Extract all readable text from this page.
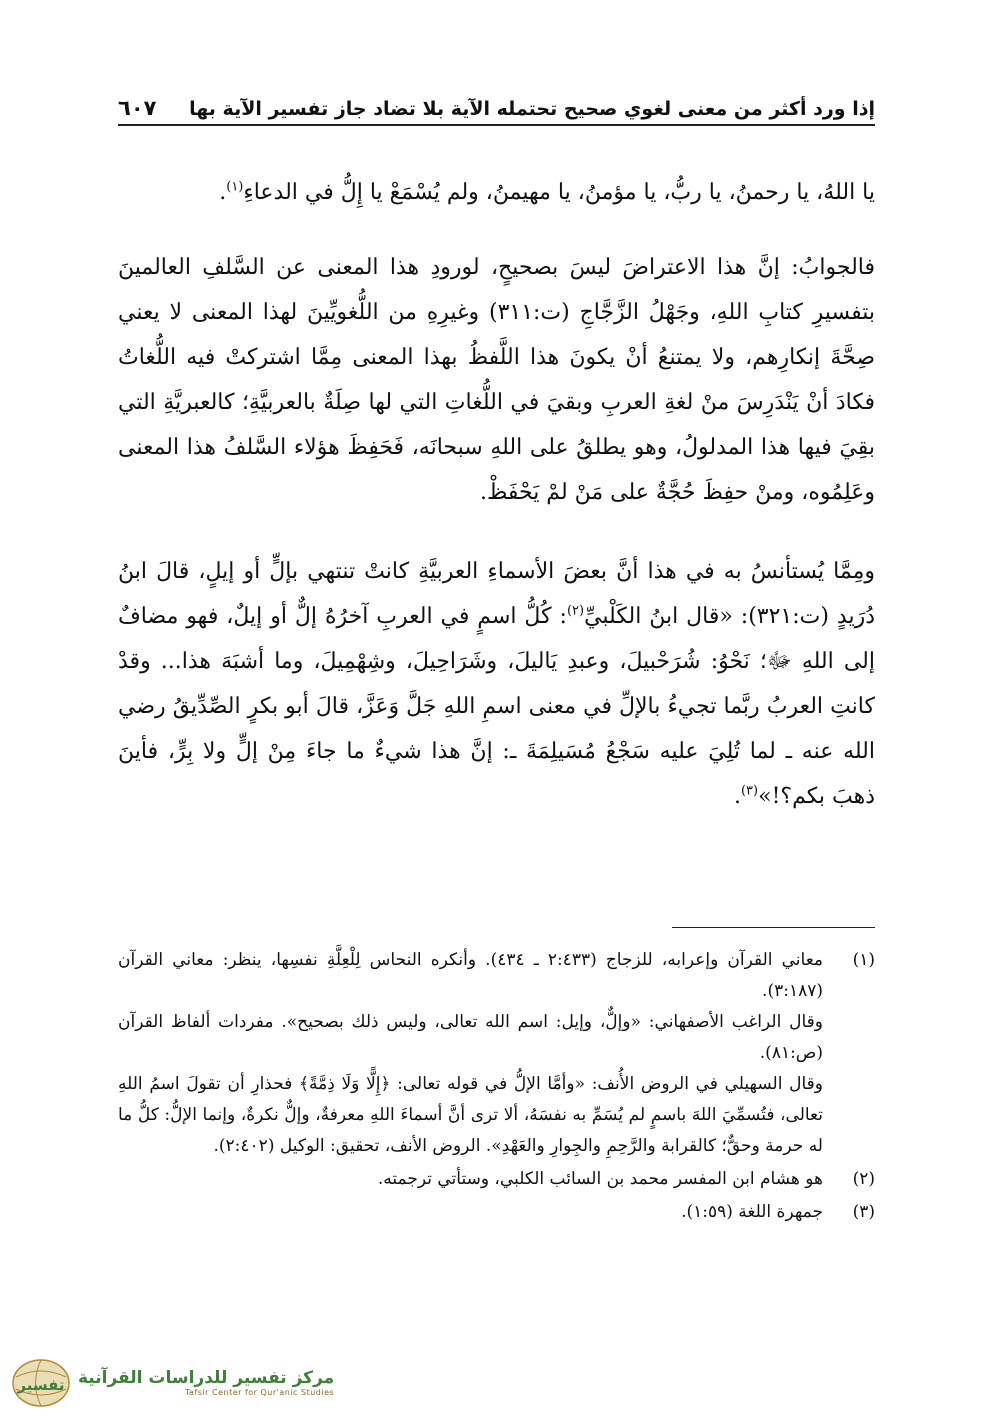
إذا ورد أكثر من معنى لغوي صحيح تحتمله الآية بلا تضاد جاز تفسير الآية بها
٦٠٧

يا اللهُ، يا رحمنُ، يا ربُّ، يا مؤمنُ، يا مهيمنُ، ولم يُسْمَعْ يا إِلُّ في الدعاءِ$^{(١)}$.

فالجوابُ: إنَّ هذا الاعتراضَ ليسَ بصحيحٍ، لورودِ هذا المعنى عن السَّلفِ العالمينَ بتفسيرِ كتابِ اللهِ، وجَهْلُ الزَّجَّاجِ (ت:٣١١) وغيرِهِ من اللُّغويِّينَ لهذا المعنى لا يعني صِحَّةَ إنكارِهم، ولا يمتنعُ أنْ يكونَ هذا اللَّفظُ بهذا المعنى مِمَّا اشتركتْ فيه اللُّغاتُ فكادَ أنْ يَنْدَرِسَ منْ لغةِ العربِ وبقيَ في اللُّغاتِ التي لها صِلَةٌ بالعربيَّةِ؛ كالعبريَّةِ التي بقِيَ فيها هذا المدلولُ، وهو يطلقُ على اللهِ سبحانَه، فَحَفِظَ هؤلاء السَّلفُ هذا المعنى وعَلِمُوه، ومنْ حفِظَ حُجَّةٌ على مَنْ لمْ يَحْفَظْ.

ومِمَّا يُستأنسُ به في هذا أنَّ بعضَ الأسماءِ العربيَّةِ كانتْ تنتهي بإلٍّ أو إيلٍ، قالَ ابنُ دُرَيدٍ (ت:٣٢١): «قال ابنُ الكَلْبيِّ$^{(٢)}$: كُلُّ اسمٍ في العربِ آخرُهُ إلٌّ أو إيلٌ، فهو مضافٌ إلى اللهِ ﷻ؛ نَحْوُ: شُرَحْبيلَ، وعبدِ يَاليلَ، وشَرَاحِيلَ، وشِهْمِيلَ، وما أشبَهَ هذا... وقدْ كانتِ العربُ ربَّما تجيءُ بالإلِّ في معنى اسمِ اللهِ جَلَّ وَعَزَّ، قالَ أبو بكرٍ الصِّدِّيقُ رضي الله عنه ـ لما تُلِيَ عليه سَجْعُ مُسَيلِمَةَ ـ: إنَّ هذا شيءٌ ما جاءَ مِنْ إلٍّ ولا بِرٍّ، فأينَ ذهبَ بكم؟!»$^{(٣)}$.

(١)
معاني القرآن وإعرابه، للزجاج (٢:٤٣٣ ـ ٤٣٤). وأنكره النحاس لِلْعِلَّةِ نفسِها، ينظر: معاني القرآن (٣:١٨٧).
وقال الراغب الأصفهاني: «وإلٌّ، وإيل: اسم الله تعالى، وليس ذلك بصحيح». مفردات ألفاظ القرآن (ص:٨١).
وقال السهيلي في الروض الأُنف: «وأمَّا الإلُّ في قوله تعالى: ﴿إِلًّا وَلَا ذِمَّةً﴾ فحذارِ أن تقولَ اسمُ اللهِ تعالى، فتُسمِّيَ اللهَ باسمٍ لم يُسَمِّ به نفسَهُ، ألا ترى أنَّ أسماءَ اللهِ معرفةٌ، وإلٌّ نكرةٌ، وإنما الإلُّ: كلُّ ما له حرمة وحقٌّ؛ كالقرابة والرَّحِمِ والجِوارِ والعَهْدِ». الروض الأنف، تحقيق: الوكيل (٢:٤٠٢).
(٢)
هو هشام ابن المفسر محمد بن السائب الكلبي، وستأتي ترجمته.
(٣)
جمهرة اللغة (١:٥٩).
تفسير مركز تفسير للدراسات القرآنية
Tafsir Center for Qur'anic Studies
